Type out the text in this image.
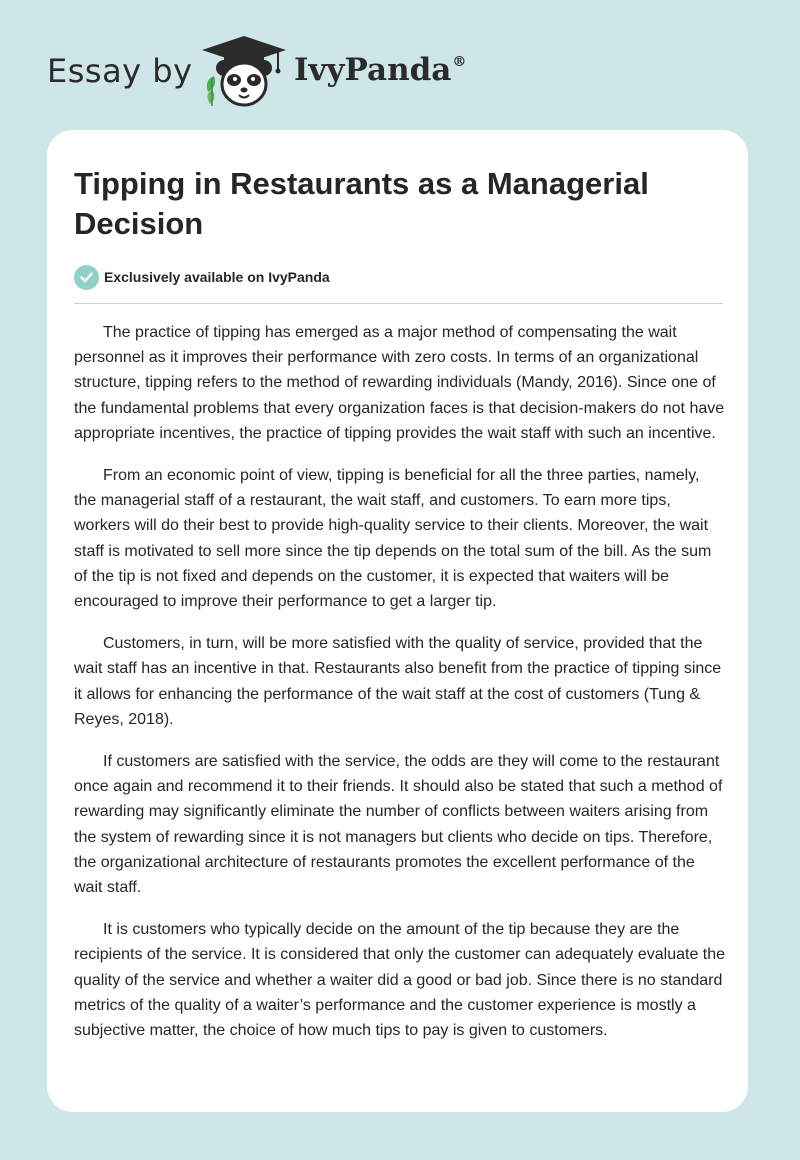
Essay by	IvyPanda®
Tipping in Restaurants as a Managerial Decision
Exclusively available on IvyPanda

The practice of tipping has emerged as a major method of compensating the wait personnel as it improves their performance with zero costs. In terms of an organizational structure, tipping refers to the method of rewarding individuals (Mandy, 2016). Since one of the fundamental problems that every organization faces is that decision-makers do not have appropriate incentives, the practice of tipping provides the wait staff with such an incentive.

From an economic point of view, tipping is beneficial for all the three parties, namely, the managerial staff of a restaurant, the wait staff, and customers. To earn more tips, workers will do their best to provide high-quality service to their clients. Moreover, the wait staff is motivated to sell more since the tip depends on the total sum of the bill. As the sum of the tip is not fixed and depends on the customer, it is expected that waiters will be encouraged to improve their performance to get a larger tip.

Customers, in turn, will be more satisfied with the quality of service, provided that the wait staff has an incentive in that. Restaurants also benefit from the practice of tipping since it allows for enhancing the performance of the wait staff at the cost of customers (Tung & Reyes, 2018).

If customers are satisfied with the service, the odds are they will come to the restaurant once again and recommend it to their friends. It should also be stated that such a method of rewarding may significantly eliminate the number of conflicts between waiters arising from the system of rewarding since it is not managers but clients who decide on tips. Therefore, the organizational architecture of restaurants promotes the excellent performance of the wait staff.

It is customers who typically decide on the amount of the tip because they are the recipients of the service. It is considered that only the customer can adequately evaluate the quality of the service and whether a waiter did a good or bad job. Since there is no standard metrics of the quality of a waiter’s performance and the customer experience is mostly a subjective matter, the choice of how much tips to pay is given to customers.
